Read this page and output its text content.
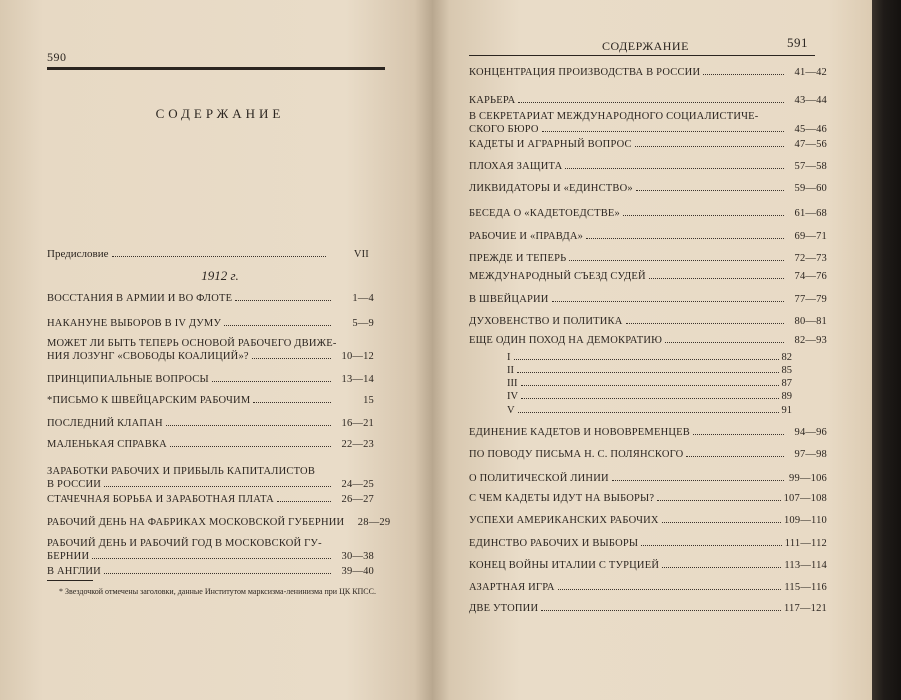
590
СОДЕРЖАНИЕ
Предисловие	VII
1912 г.
* Звездочкой отмечены заголовки, данные Институтом марксизма-ленинизма при ЦК КПСС.
ВОССТАНИЯ В АРМИИ И ВО ФЛОТЕ	1—4
НАКАНУНЕ ВЫБОРОВ В IV ДУМУ	5—9
МОЖЕТ ЛИ БЫТЬ ТЕПЕРЬ ОСНОВОЙ РАБОЧЕГО ДВИЖЕ-
НИЯ ЛОЗУНГ «СВОБОДЫ КОАЛИЦИЙ»?	10—12
ПРИНЦИПИАЛЬНЫЕ ВОПРОСЫ	13—14
*ПИСЬМО К ШВЕЙЦАРСКИМ РАБОЧИМ	15
ПОСЛЕДНИЙ КЛАПАН	16—21
МАЛЕНЬКАЯ СПРАВКА	22—23
ЗАРАБОТКИ РАБОЧИХ И ПРИБЫЛЬ КАПИТАЛИСТОВ
В РОССИИ	24—25
СТАЧЕЧНАЯ БОРЬБА И ЗАРАБОТНАЯ ПЛАТА	26—27
РАБОЧИЙ ДЕНЬ НА ФАБРИКАХ МОСКОВСКОЙ ГУБЕРНИИ	28—29
РАБОЧИЙ ДЕНЬ И РАБОЧИЙ ГОД В МОСКОВСКОЙ ГУ-
БЕРНИИ	30—38
В АНГЛИИ	39—40
СОДЕРЖАНИЕ	591
КОНЦЕНТРАЦИЯ ПРОИЗВОДСТВА В РОССИИ	41—42
КАРЬЕРА	43—44
В СЕКРЕТАРИАТ МЕЖДУНАРОДНОГО СОЦИАЛИСТИЧЕ-
СКОГО БЮРО	45—46
КАДЕТЫ И АГРАРНЫЙ ВОПРОС	47—56
ПЛОХАЯ ЗАЩИТА	57—58
ЛИКВИДАТОРЫ И «ЕДИНСТВО»	59—60
БЕСЕДА О «КАДЕТОЕДСТВЕ»	61—68
РАБОЧИЕ И «ПРАВДА»	69—71
ПРЕЖДЕ И ТЕПЕРЬ	72—73
МЕЖДУНАРОДНЫЙ СЪЕЗД СУДЕЙ	74—76
В ШВЕЙЦАРИИ	77—79
ДУХОВЕНСТВО И ПОЛИТИКА	80—81
ЕЩЕ ОДИН ПОХОД НА ДЕМОКРАТИЮ	82—93
I	82
II	85
III	87
IV	89
V	91
ЕДИНЕНИЕ КАДЕТОВ И НОВОВРЕМЕНЦЕВ	94—96
ПО ПОВОДУ ПИСЬМА Н. С. ПОЛЯНСКОГО	97—98
О ПОЛИТИЧЕСКОЙ ЛИНИИ	99—106
С ЧЕМ КАДЕТЫ ИДУТ НА ВЫБОРЫ?	107—108
УСПЕХИ АМЕРИКАНСКИХ РАБОЧИХ	109—110
ЕДИНСТВО РАБОЧИХ И ВЫБОРЫ	111—112
КОНЕЦ ВОЙНЫ ИТАЛИИ С ТУРЦИЕЙ	113—114
АЗАРТНАЯ ИГРА	115—116
ДВЕ УТОПИИ	117—121
